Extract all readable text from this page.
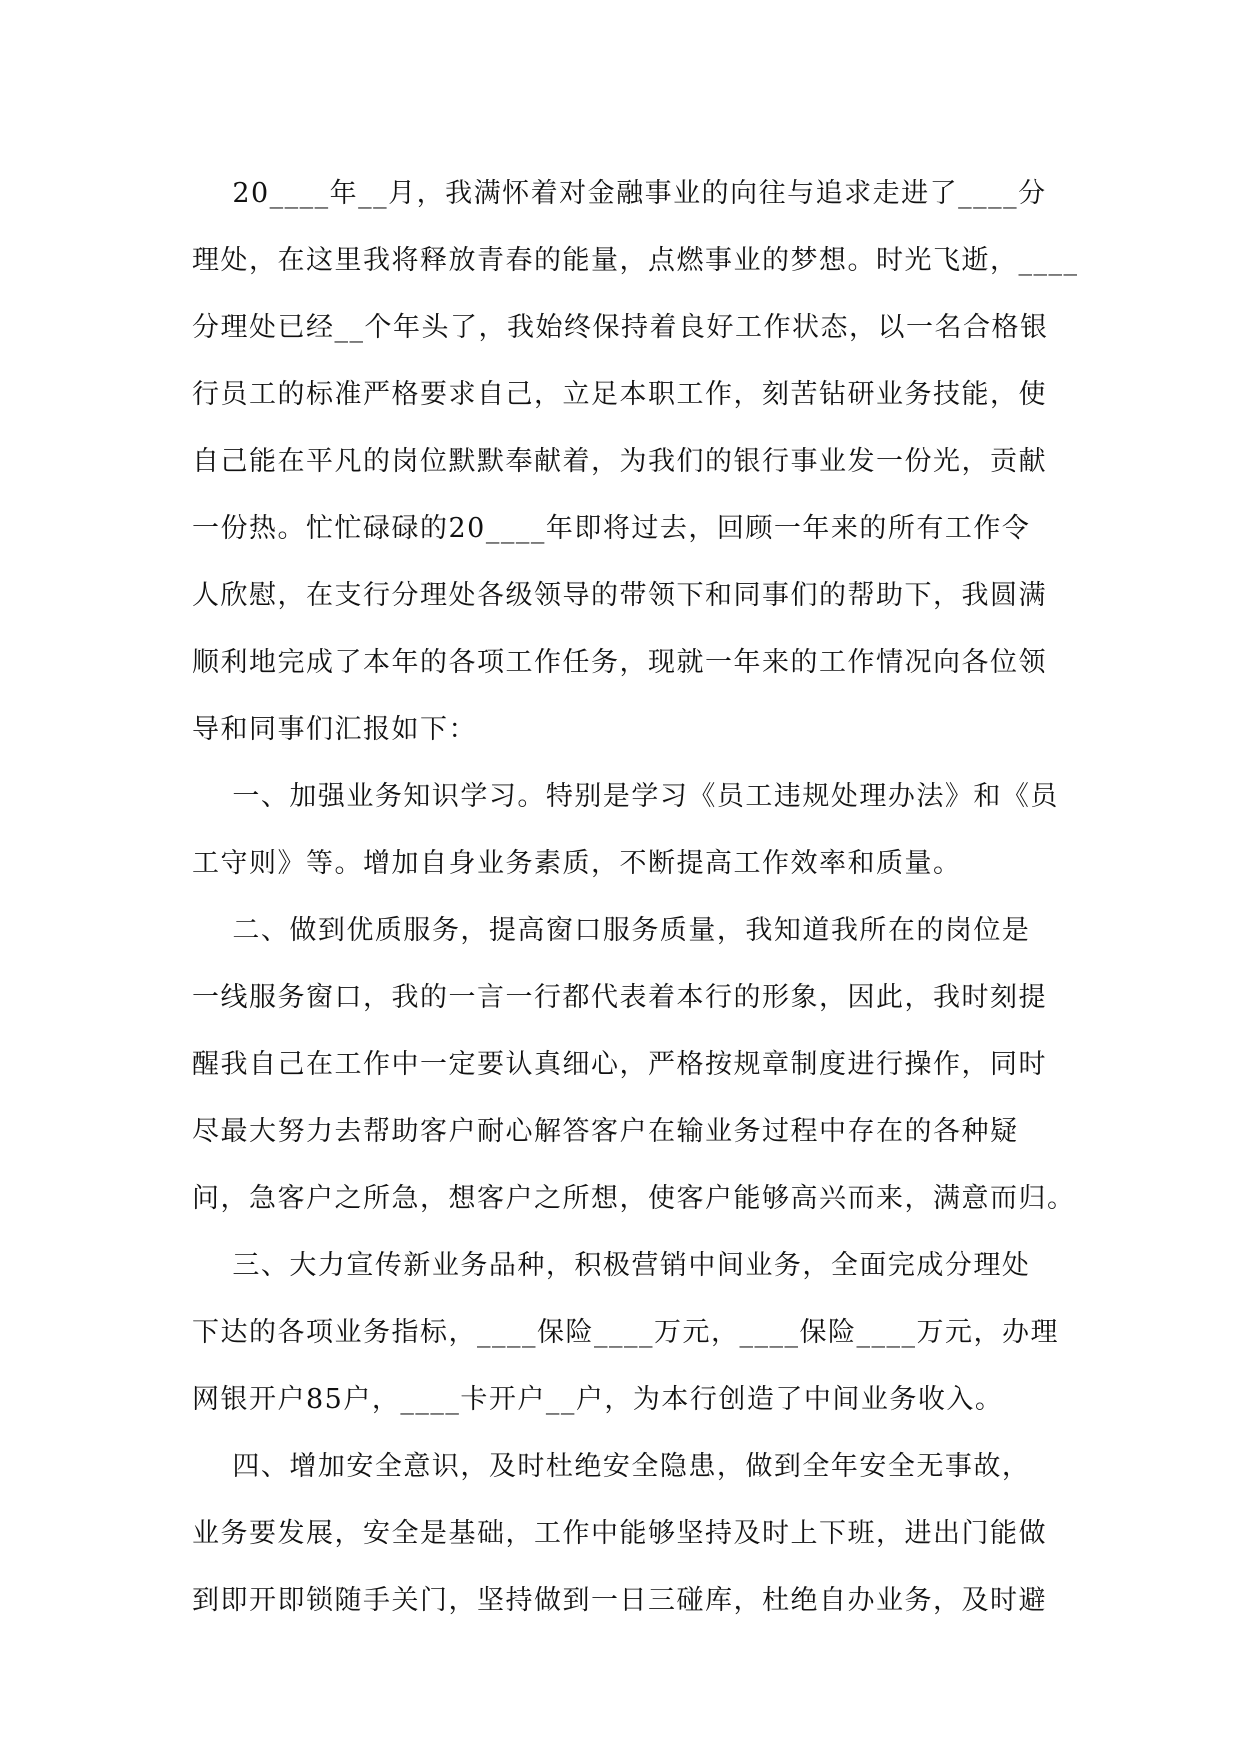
20____年__月，我满怀着对金融事业的向往与追求走进了____分
理处，在这里我将释放青春的能量，点燃事业的梦想。时光飞逝，____
分理处已经__个年头了，我始终保持着良好工作状态，以一名合格银
行员工的标准严格要求自己，立足本职工作，刻苦钻研业务技能，使
自己能在平凡的岗位默默奉献着，为我们的银行事业发一份光，贡献
一份热。忙忙碌碌的20____年即将过去，回顾一年来的所有工作令
人欣慰，在支行分理处各级领导的带领下和同事们的帮助下，我圆满
顺利地完成了本年的各项工作任务，现就一年来的工作情况向各位领
导和同事们汇报如下：
一、加强业务知识学习。特别是学习《员工违规处理办法》和《员
工守则》等。增加自身业务素质，不断提高工作效率和质量。
二、做到优质服务，提高窗口服务质量，我知道我所在的岗位是
一线服务窗口，我的一言一行都代表着本行的形象，因此，我时刻提
醒我自己在工作中一定要认真细心，严格按规章制度进行操作，同时
尽最大努力去帮助客户耐心解答客户在输业务过程中存在的各种疑
问，急客户之所急，想客户之所想，使客户能够高兴而来，满意而归。
三、大力宣传新业务品种，积极营销中间业务，全面完成分理处
下达的各项业务指标，____保险____万元，____保险____万元，办理
网银开户85户，____卡开户__户，为本行创造了中间业务收入。
四、增加安全意识，及时杜绝安全隐患，做到全年安全无事故，
业务要发展，安全是基础，工作中能够坚持及时上下班，进出门能做
到即开即锁随手关门，坚持做到一日三碰库，杜绝自办业务，及时避
